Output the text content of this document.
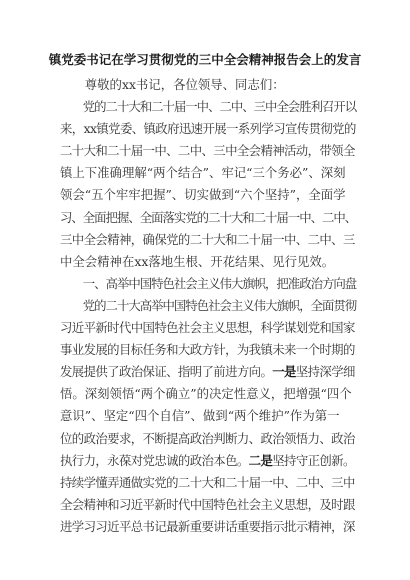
镇党委书记在学习贯彻党的三中全会精神报告会上的发言
　　尊敬的xx书记，各位领导、同志们：
　　党的二十大和二十届一中、二中、三中全会胜利召开以
来，xx镇党委、镇政府迅速开展一系列学习宣传贯彻党的
二十大和二十届一中、二中、三中全会精神活动，带领全
镇上下准确理解“两个结合”、牢记“三个务必”、深刻
领会“五个牢牢把握”、切实做到“六个坚持”，全面学
习、全面把握、全面落实党的二十大和二十届一中、二中、
三中全会精神，确保党的二十大和二十届一中、二中、三
中全会精神在xx落地生根、开花结果、见行见效。
　　一、高举中国特色社会主义伟大旗帜，把准政治方向盘
　　党的二十大高举中国特色社会主义伟大旗帜，全面贯彻
习近平新时代中国特色社会主义思想，科学谋划党和国家
事业发展的目标任务和大政方针，为我镇未来一个时期的
发展提供了政治保证、指明了前进方向。一是坚持深学细
悟。深刻领悟“两个确立”的决定性意义，把增强“四个
意识”、坚定“四个自信”、做到“两个维护”作为第一
位的政治要求，不断提高政治判断力、政治领悟力、政治
执行力，永葆对党忠诚的政治本色。二是坚持守正创新。
持续学懂弄通做实党的二十大和二十届一中、二中、三中
全会精神和习近平新时代中国特色社会主义思想，及时跟
进学习习近平总书记最新重要讲话重要指示批示精神，深
